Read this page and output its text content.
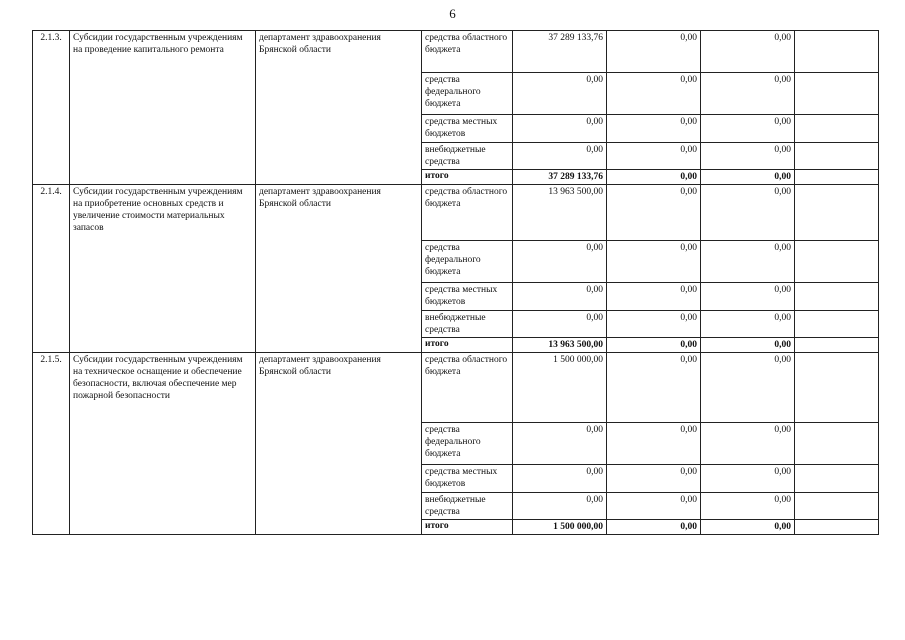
6
2.1.3.	Субсидии государственным учреждениям на проведение капитального ремонта	департамент здравоохранения Брянской области	средства областного бюджета	37 289 133,76	0,00	0,00	
			средства федерального бюджета	0,00	0,00	0,00	
			средства местных бюджетов	0,00	0,00	0,00	
			внебюджетные средства	0,00	0,00	0,00	
			итого	37 289 133,76	0,00	0,00	
2.1.4.	Субсидии государственным учреждениям на приобретение основных средств и увеличение стоимости материальных запасов	департамент здравоохранения Брянской области	средства областного бюджета	13 963 500,00	0,00	0,00	
			средства федерального бюджета	0,00	0,00	0,00	
			средства местных бюджетов	0,00	0,00	0,00	
			внебюджетные средства	0,00	0,00	0,00	
			итого	13 963 500,00	0,00	0,00	
2.1.5.	Субсидии государственным учреждениям на техническое оснащение и обеспечение безопасности, включая обеспечение мер пожарной безопасности	департамент здравоохранения Брянской области	средства областного бюджета	1 500 000,00	0,00	0,00	
			средства федерального бюджета	0,00	0,00	0,00	
			средства местных бюджетов	0,00	0,00	0,00	
			внебюджетные средства	0,00	0,00	0,00	
			итого	1 500 000,00	0,00	0,00	
